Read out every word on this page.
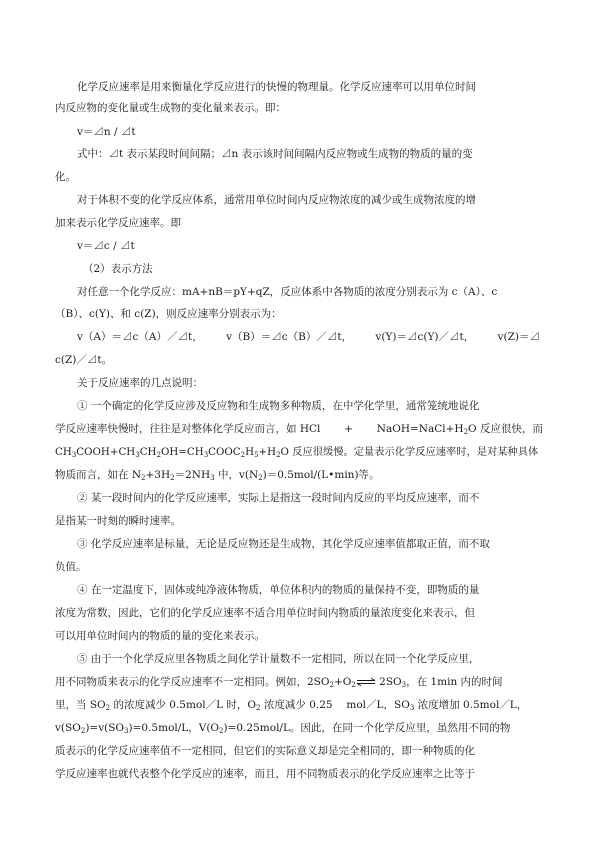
化学反应速率是用来衡量化学反应进行的快慢的物理量。化学反应速率可以用单位时间
内反应物的变化量或生成物的变化量来表示。即：
v＝⊿n / ⊿t
式中：⊿t 表示某段时间间隔；⊿n 表示该时间间隔内反应物或生成物的物质的量的变
化。
对于体积不变的化学反应体系，通常用单位时间内反应物浓度的减少或生成物浓度的增
加来表示化学反应速率。即
v＝⊿c / ⊿t
（2）表示方法
对任意一个化学反应：mA+nB＝pY+qZ，反应体系中各物质的浓度分别表示为 c（A）、c
（B）、c(Y)、和 c(Z)，则反应速率分别表示为：
v（A）＝⊿c（A）／⊿t， v（B）＝⊿c（B）／⊿t， v(Y)＝⊿c(Y)／⊿t， v(Z)＝⊿
c(Z)／⊿t。
关于反应速率的几点说明：
① 一个确定的化学反应涉及反应物和生成物多种物质，在中学化学里，通常笼统地说化
学反应速率快慢时，往往是对整体化学反应而言，如 HCl + $NaOH=NaCl+H_2O$ 反应很快，而
$CH_3COOH+CH_3CH_2OH=CH_3COOC_2H_5+H_2O$ 反应很缓慢。定量表示化学反应速率时，是对某种具体
物质而言，如在 $N_2+3H_2=2NH_3$ 中，$v(N_2)=0.5mol/(L•\min)$等。
② 某一段时间内的化学反应速率，实际上是指这一段时间内反应的平均反应速率，而不
是指某一时刻的瞬时速率。
③ 化学反应速率是标量，无论是反应物还是生成物，其化学反应速率值都取正值，而不取
负值。
④ 在一定温度下，固体或纯净液体物质，单位体积内的物质的量保持不变，即物质的量
浓度为常数，因此，它们的化学反应速率不适合用单位时间内物质的量浓度变化来表示，但
可以用单位时间内的物质的量的变化来表示。
⑤ 由于一个化学反应里各物质之间化学计量数不一定相同，所以在同一个化学反应里，
用不同物质来表示的化学反应速率不一定相同。例如，$2SO_2+O_2\rightleftharpoons$ $2SO_3$，在 1min 内的时间
里，当 $SO_2$ 的浓度减少 0.5mol／L 时，$O_2$ 浓度减少 0.25　 mol／L，$SO_3$ 浓度增加 0.5mol／L，
$v(SO_2)=v(SO_3)=0.5mol/L$，$V(O_2)=0.25mol/L$。因此，在同一个化学反应里，虽然用不同的物
质表示的化学反应速率值不一定相同，但它们的实际意义却是完全相同的，即一种物质的化
学反应速率也就代表整个化学反应的速率，而且，用不同物质表示的化学反应速率之比等于
